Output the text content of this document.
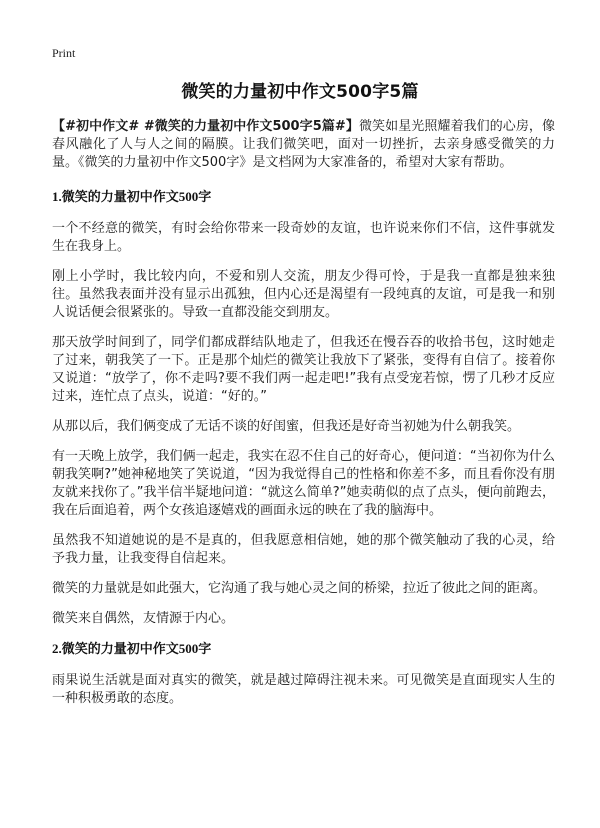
Print
微笑的力量初中作文500字5篇

【#初中作文# #微笑的力量初中作文500字5篇#】微笑如星光照耀着我们的心房，像春风融化了人与人之间的隔膜。让我们微笑吧，面对一切挫折，去亲身感受微笑的力量。《微笑的力量初中作文500字》是文档网为大家准备的，希望对大家有帮助。

1.微笑的力量初中作文500字

一个不经意的微笑，有时会给你带来一段奇妙的友谊，也许说来你们不信，这件事就发生在我身上。

刚上小学时，我比较内向，不爱和别人交流，朋友少得可怜，于是我一直都是独来独往。虽然我表面并没有显示出孤独，但内心还是渴望有一段纯真的友谊，可是我一和别人说话便会很紧张的。导致一直都没能交到朋友。

那天放学时间到了，同学们都成群结队地走了，但我还在慢吞吞的收拾书包，这时她走了过来，朝我笑了一下。正是那个灿烂的微笑让我放下了紧张，变得有自信了。接着你又说道：“放学了，你不走吗?要不我们两一起走吧!”我有点受宠若惊，愣了几秒才反应过来，连忙点了点头，说道：“好的。”

从那以后，我们俩变成了无话不谈的好闺蜜，但我还是好奇当初她为什么朝我笑。

有一天晚上放学，我们俩一起走，我实在忍不住自己的好奇心，便问道：“当初你为什么朝我笑啊?”她神秘地笑了笑说道，“因为我觉得自己的性格和你差不多，而且看你没有朋友就来找你了。”我半信半疑地问道：“就这么简单?”她卖萌似的点了点头，便向前跑去，我在后面追着，两个女孩追逐嬉戏的画面永远的映在了我的脑海中。

虽然我不知道她说的是不是真的，但我愿意相信她，她的那个微笑触动了我的心灵，给予我力量，让我变得自信起来。

微笑的力量就是如此强大，它沟通了我与她心灵之间的桥梁，拉近了彼此之间的距离。

微笑来自偶然，友情源于内心。

2.微笑的力量初中作文500字

雨果说生活就是面对真实的微笑，就是越过障碍注视未来。可见微笑是直面现实人生的一种积极勇敢的态度。
